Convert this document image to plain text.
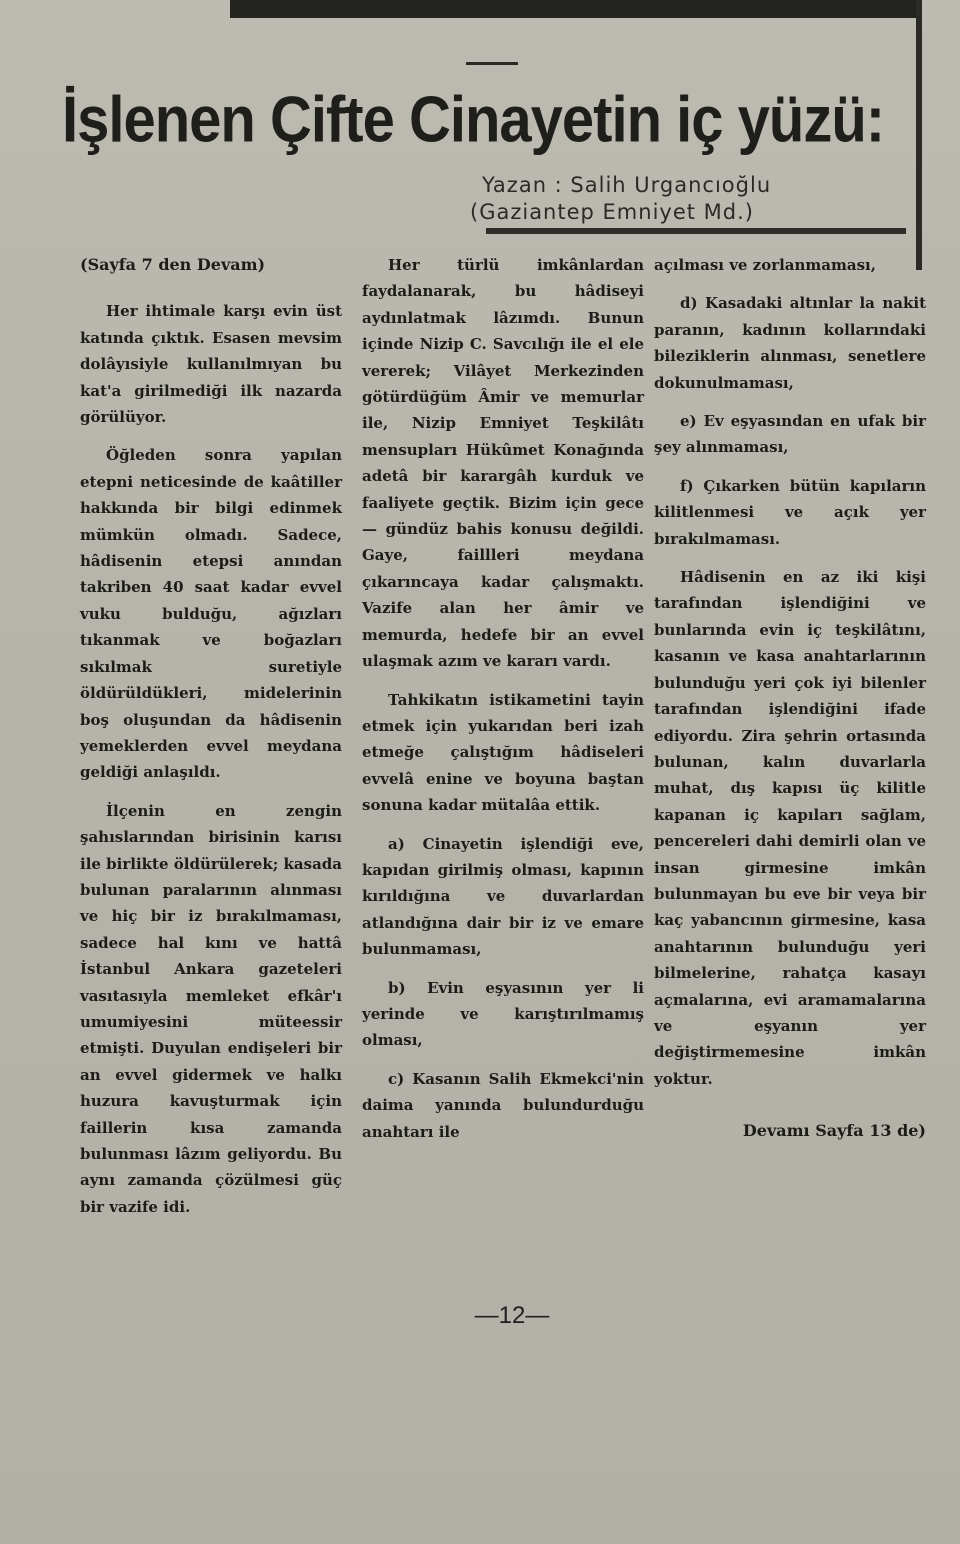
İşlenen Çifte Cinayetin iç yüzü:
Yazan : Salih Urgancıoğlu
(Gaziantep Emniyet Md.)

(Sayfa 7 den Devam)

Her ihtimale karşı evin üst katında çıktık. Esasen mevsim dolâyısiyle kullanılmıyan bu kat'a girilmediği ilk nazarda görülüyor.

Öğleden sonra yapılan etepni neticesinde de kaâtiller hakkında bir bilgi edinmek mümkün olmadı. Sadece, hâdisenin etepsi anından takriben 40 saat kadar evvel vuku bulduğu, ağızları tıkanmak ve boğazları sıkılmak suretiyle öldürüldükleri, midelerinin boş oluşundan da hâdisenin yemeklerden evvel meydana geldiği anlaşıldı.

İlçenin en zengin şahıslarından birisinin karısı ile birlikte öldürülerek; kasada bulunan paralarının alınması ve hiç bir iz bırakılmaması, sadece hal kını ve hattâ İstanbul Ankara gazeteleri vasıtasıyla memleket efkâr'ı umumiyesini müteessir etmişti. Duyulan endişeleri bir an evvel gidermek ve halkı huzura kavuşturmak için faillerin kısa zamanda bulunması lâzım geliyordu. Bu aynı zamanda çözülmesi güç bir vazife idi.

Her türlü imkânlardan faydalanarak, bu hâdiseyi aydınlatmak lâzımdı. Bunun içinde Nizip C. Savcılığı ile el ele vererek; Vilâyet Merkezinden götürdüğüm Âmir ve memurlar ile, Nizip Emniyet Teşkilâtı mensupları Hükûmet Konağında adetâ bir karargâh kurduk ve faaliyete geçtik. Bizim için gece — gündüz bahis konusu değildi. Gaye, faillleri meydana çıkarıncaya kadar çalışmaktı. Vazife alan her âmir ve memurda, hedefe bir an evvel ulaşmak azım ve kararı vardı.

Tahkikatın istikametini tayin etmek için yukarıdan beri izah etmeğe çalıştığım hâdiseleri evvelâ enine ve boyuna baştan sonuna kadar mütalâa ettik.

a) Cinayetin işlendiği eve, kapıdan girilmiş olması, kapının kırıldığına ve duvarlardan atlandığına dair bir iz ve emare bulunmaması,

b) Evin eşyasının yer li yerinde ve karıştırılmamış olması,

c) Kasanın Salih Ekmekci'nin daima yanında bulundurduğu anahtarı ile

açılması ve zorlanmaması,

d) Kasadaki altınlar la nakit paranın, kadının kollarındaki bileziklerin alınması, senetlere dokunulmaması,

e) Ev eşyasından en ufak bir şey alınmaması,

f) Çıkarken bütün kapıların kilitlenmesi ve açık yer bırakılmaması.

Hâdisenin en az iki kişi tarafından işlendiğini ve bunlarında evin iç teşkilâtını, kasanın ve kasa anahtarlarının bulunduğu yeri çok iyi bilenler tarafından işlendiğini ifade ediyordu. Zira şehrin ortasında bulunan, kalın duvarlarla muhat, dış kapısı üç kilitle kapanan iç kapıları sağlam, pencereleri dahi demirli olan ve insan girmesine imkân bulunmayan bu eve bir veya bir kaç yabancının girmesine, kasa anahtarının bulunduğu yeri bilmelerine, rahatça kasayı açmalarına, evi aramamalarına ve eşyanın yer değiştirmemesine imkân yoktur.

Devamı Sayfa 13 de)

—12—
